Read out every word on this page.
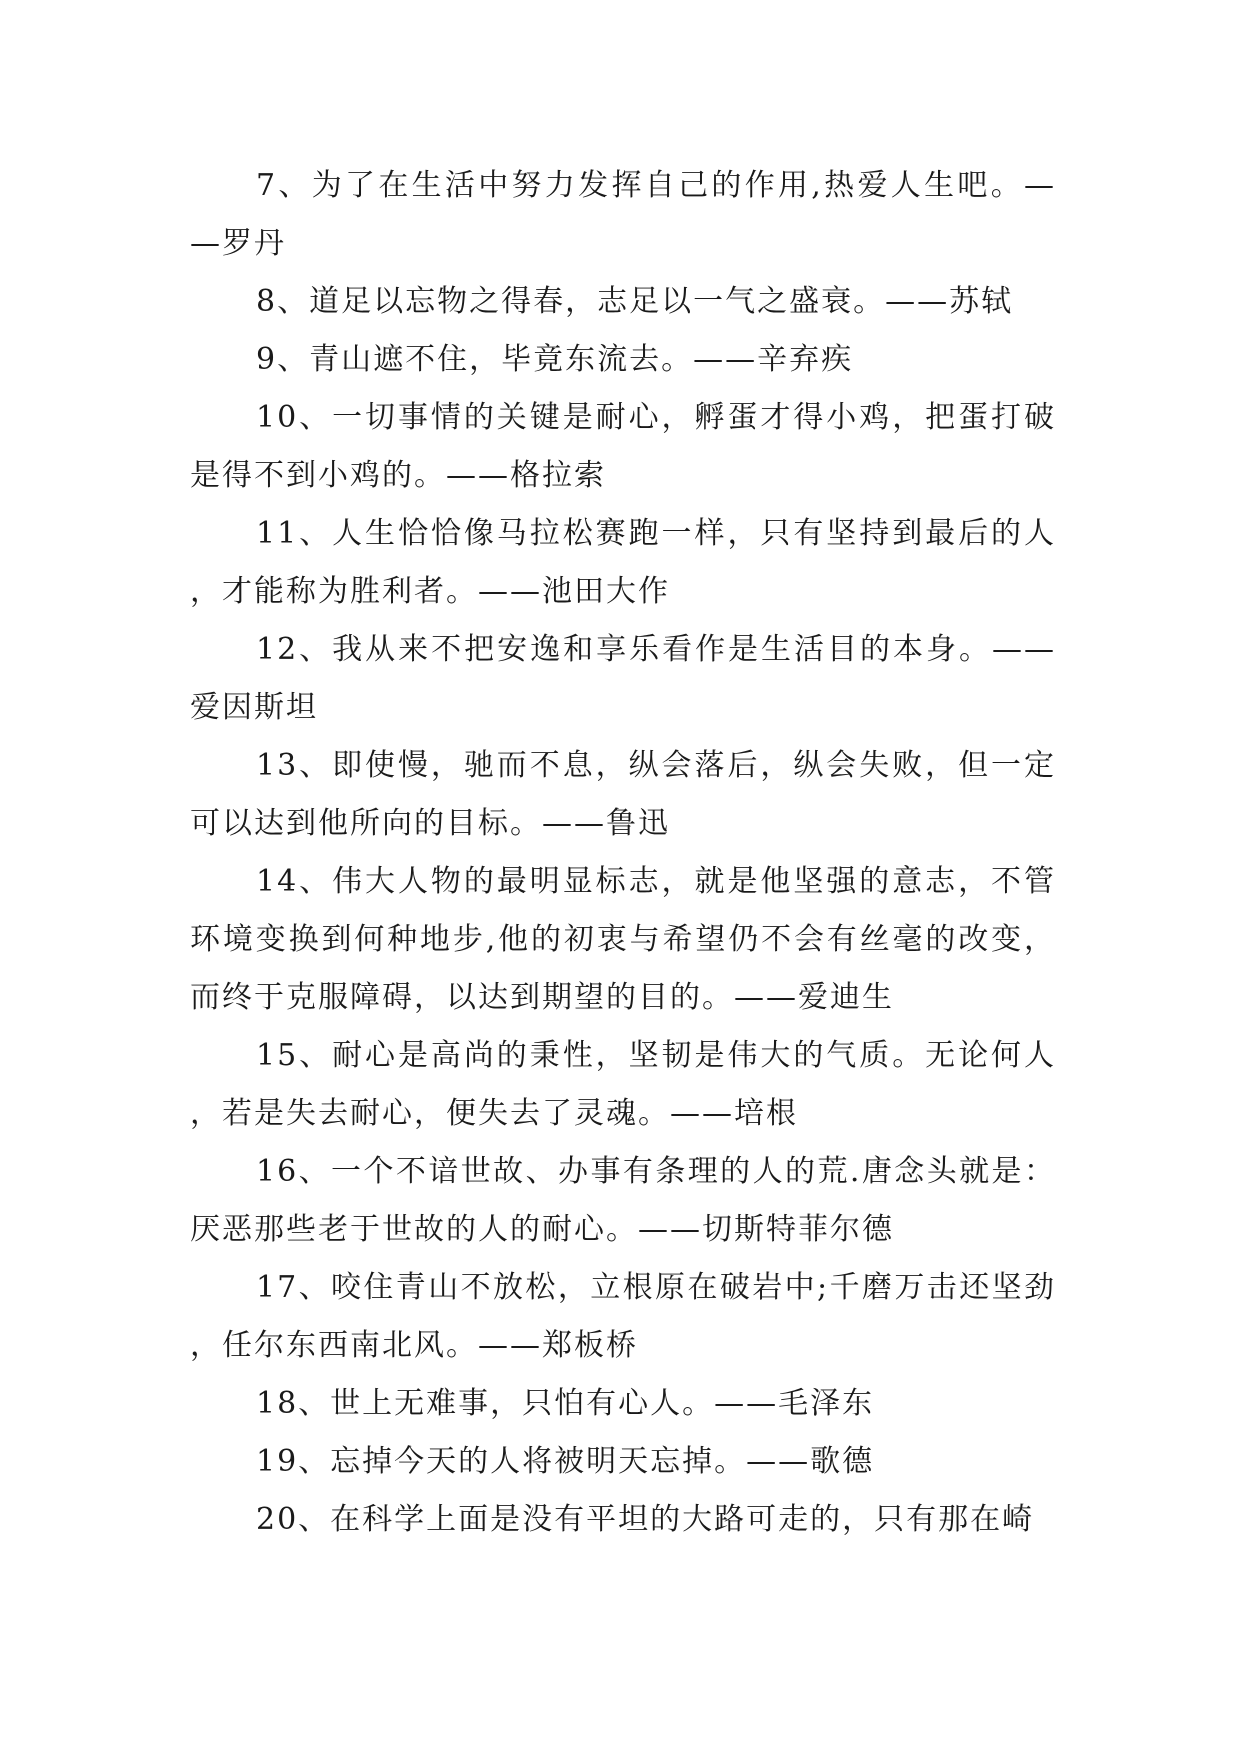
7、为了在生活中努力发挥自己的作用,热爱人生吧。——罗丹

8、道足以忘物之得春，志足以一气之盛衰。——苏轼

9、青山遮不住，毕竟东流去。——辛弃疾

10、一切事情的关键是耐心，孵蛋才得小鸡，把蛋打破是得不到小鸡的。——格拉索

11、人生恰恰像马拉松赛跑一样，只有坚持到最后的人，才能称为胜利者。——池田大作

12、我从来不把安逸和享乐看作是生活目的本身。——爱因斯坦

13、即使慢，驰而不息，纵会落后，纵会失败，但一定可以达到他所向的目标。——鲁迅

14、伟大人物的最明显标志，就是他坚强的意志，不管环境变换到何种地步,他的初衷与希望仍不会有丝毫的改变，而终于克服障碍，以达到期望的目的。——爱迪生

15、耐心是高尚的秉性，坚韧是伟大的气质。无论何人，若是失去耐心，便失去了灵魂。——培根

16、一个不谙世故、办事有条理的人的荒.唐念头就是：厌恶那些老于世故的人的耐心。——切斯特菲尔德

17、咬住青山不放松，立根原在破岩中;千磨万击还坚劲，任尔东西南北风。——郑板桥

18、世上无难事，只怕有心人。——毛泽东

19、忘掉今天的人将被明天忘掉。——歌德

20、在科学上面是没有平坦的大路可走的，只有那在崎
